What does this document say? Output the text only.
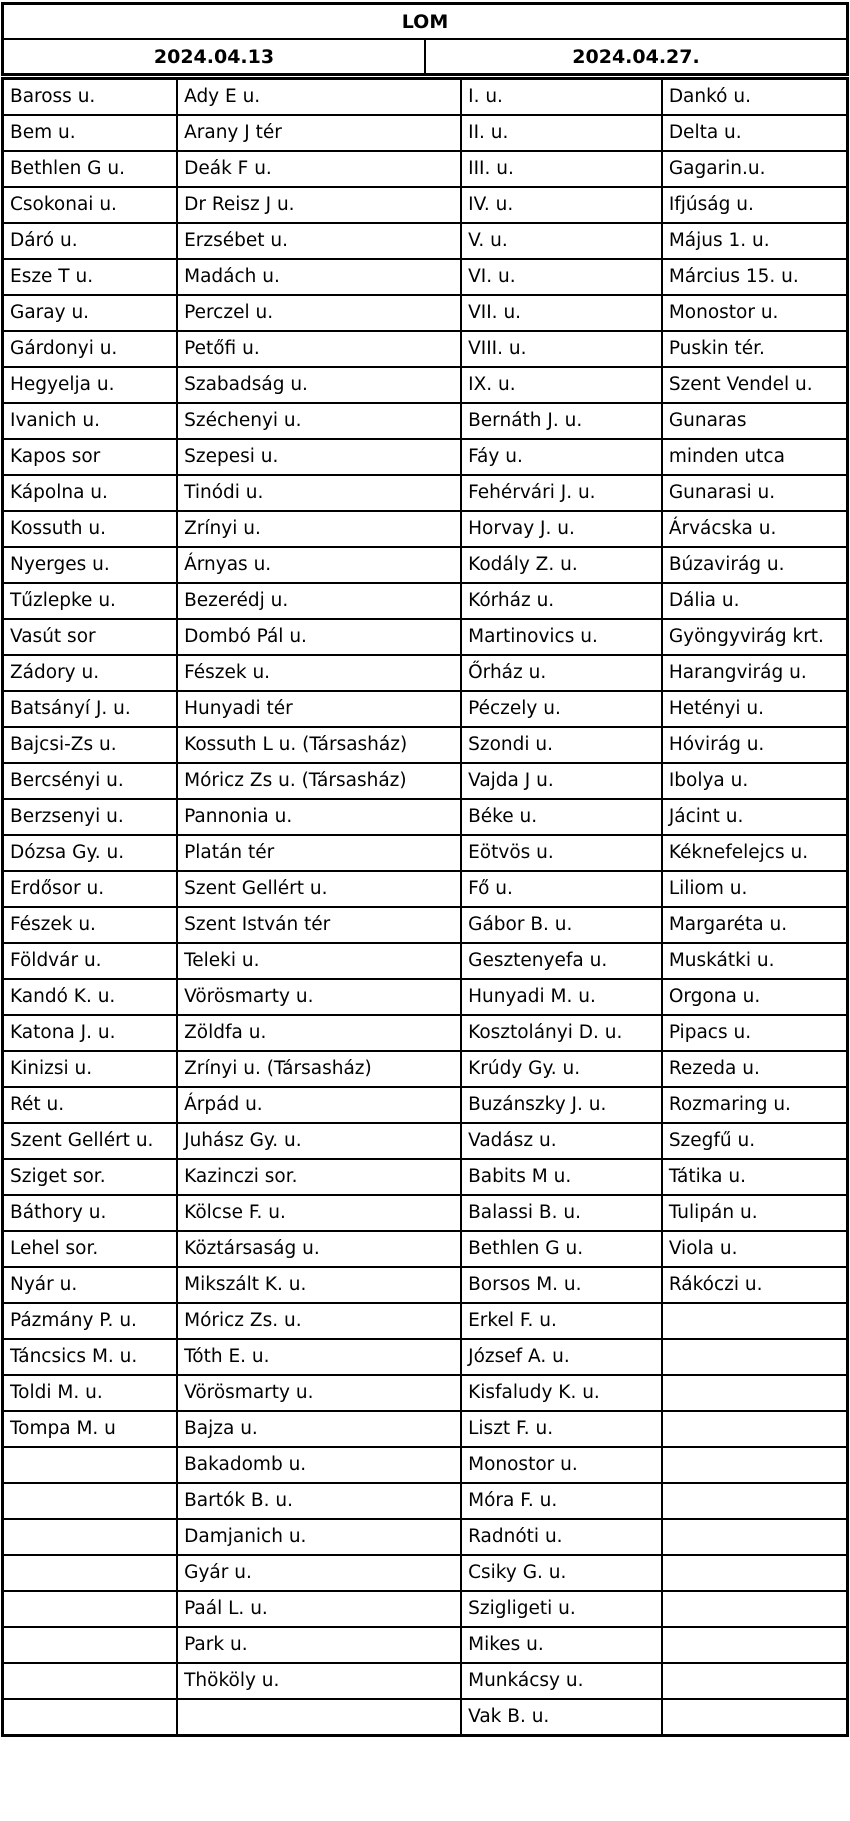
LOM
2024.04.13	2024.04.27.
Baross u.	Ady E u.	I. u.	Dankó u.
Bem u.	Arany J tér	II. u.	Delta u.
Bethlen G u.	Deák F u.	III. u.	Gagarin.u.
Csokonai u.	Dr Reisz J u.	IV. u.	Ifjúság u.
Dáró u.	Erzsébet u.	V. u.	Május 1. u.
Esze T u.	Madách u.	VI. u.	Március 15. u.
Garay u.	Perczel u.	VII. u.	Monostor u.
Gárdonyi u.	Petőfi u.	VIII. u.	Puskin tér.
Hegyelja u.	Szabadság u.	IX. u.	Szent Vendel u.
Ivanich u.	Széchenyi u.	Bernáth J. u.	Gunaras
Kapos sor	Szepesi u.	Fáy u.	minden utca
Kápolna u.	Tinódi u.	Fehérvári J. u.	Gunarasi u.
Kossuth u.	Zrínyi u.	Horvay J. u.	Árvácska u.
Nyerges u.	Árnyas u.	Kodály Z. u.	Búzavirág u.
Tűzlepke u.	Bezerédj u.	Kórház u.	Dália u.
Vasút sor	Dombó Pál u.	Martinovics u.	Gyöngyvirág krt.
Zádory u.	Fészek u.	Őrház u.	Harangvirág u.
Batsányí J. u.	Hunyadi tér	Péczely u.	Hetényi u.
Bajcsi-Zs u.	Kossuth L u. (Társasház)	Szondi u.	Hóvirág u.
Bercsényi u.	Móricz Zs u. (Társasház)	Vajda J u.	Ibolya u.
Berzsenyi u.	Pannonia u.	Béke u.	Jácint u.
Dózsa Gy. u.	Platán tér	Eötvös u.	Kéknefelejcs u.
Erdősor u.	Szent Gellért u.	Fő u.	Liliom u.
Fészek u.	Szent István tér	Gábor B. u.	Margaréta u.
Földvár u.	Teleki u.	Gesztenyefa u.	Muskátki u.
Kandó K. u.	Vörösmarty u.	Hunyadi M. u.	Orgona u.
Katona J. u.	Zöldfa u.	Kosztolányi D. u.	Pipacs u.
Kinizsi u.	Zrínyi u. (Társasház)	Krúdy Gy. u.	Rezeda u.
Rét u.	Árpád u.	Buzánszky J. u.	Rozmaring u.
Szent Gellért u.	Juhász Gy. u.	Vadász u.	Szegfű u.
Sziget sor.	Kazinczi sor.	Babits M u.	Tátika u.
Báthory u.	Kölcse F. u.	Balassi B. u.	Tulipán u.
Lehel sor.	Köztársaság u.	Bethlen G u.	Viola u.
Nyár u.	Mikszált K. u.	Borsos M. u.	Rákóczi u.
Pázmány P. u.	Móricz Zs. u.	Erkel F. u.	
Táncsics M. u.	Tóth E. u.	József A. u.	
Toldi M. u.	Vörösmarty u.	Kisfaludy K. u.	
Tompa M. u	Bajza u.	Liszt F. u.	
	Bakadomb u.	Monostor u.	
	Bartók B. u.	Móra F. u.	
	Damjanich u.	Radnóti u.	
	Gyár u.	Csiky G. u.	
	Paál L. u.	Szigligeti u.	
	Park u.	Mikes u.	
	Thököly u.	Munkácsy u.	
		Vak B. u.	
